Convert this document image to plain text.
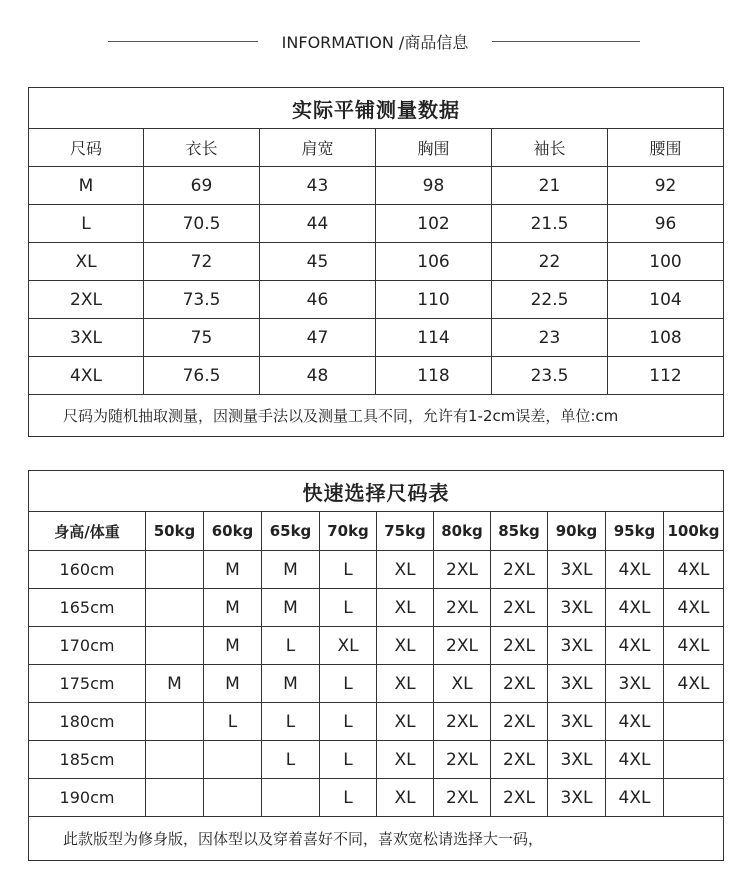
INFORMATION /商品信息
实际平铺测量数据					
尺码	衣长	肩宽	胸围	袖长	腰围
M	69	43	98	21	92
L	70.5	44	102	21.5	96
XL	72	45	106	22	100
2XL	73.5	46	110	22.5	104
3XL	75	47	114	23	108
4XL	76.5	48	118	23.5	112
尺码为随机抽取测量，因测量手法以及测量工具不同，允许有1-2cm误差，单位:cm					
快速选择尺码表										
身高/体重	50kg	60kg	65kg	70kg	75kg	80kg	85kg	90kg	95kg	100kg
160cm		M	M	L	XL	2XL	2XL	3XL	4XL	4XL
165cm		M	M	L	XL	2XL	2XL	3XL	4XL	4XL
170cm		M	L	XL	XL	2XL	2XL	3XL	4XL	4XL
175cm	M	M	M	L	XL	XL	2XL	3XL	3XL	4XL
180cm		L	L	L	XL	2XL	2XL	3XL	4XL	
185cm			L	L	XL	2XL	2XL	3XL	4XL	
190cm				L	XL	2XL	2XL	3XL	4XL	
此款版型为修身版，因体型以及穿着喜好不同，喜欢宽松请选择大一码，										
